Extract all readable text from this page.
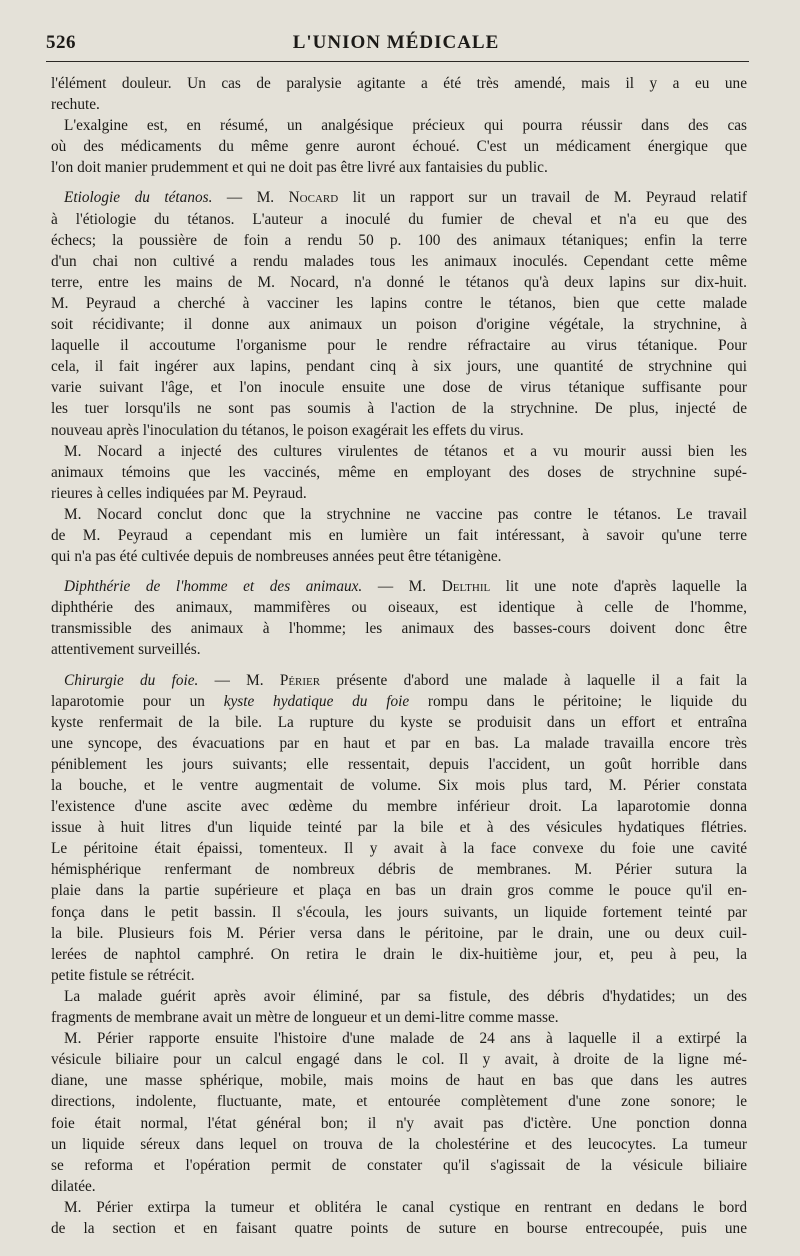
526	L'UNION MÉDICALE
l'élément douleur. Un cas de paralysie agitante a été très amendé, mais il y a eu une
rechute.
L'exalgine est, en résumé, un analgésique précieux qui pourra réussir dans des cas
où des médicaments du même genre auront échoué. C'est un médicament énergique que
l'on doit manier prudemment et qui ne doit pas être livré aux fantaisies du public.
Etiologie du tétanos. — M. Nocard lit un rapport sur un travail de M. Peyraud relatif
à l'étiologie du tétanos. L'auteur a inoculé du fumier de cheval et n'a eu que des
échecs; la poussière de foin a rendu 50 p. 100 des animaux tétaniques; enfin la terre
d'un chai non cultivé a rendu malades tous les animaux inoculés. Cependant cette même
terre, entre les mains de M. Nocard, n'a donné le tétanos qu'à deux lapins sur dix-huit.
M. Peyraud a cherché à vacciner les lapins contre le tétanos, bien que cette malade
soit récidivante; il donne aux animaux un poison d'origine végétale, la strychnine, à
laquelle il accoutume l'organisme pour le rendre réfractaire au virus tétanique. Pour
cela, il fait ingérer aux lapins, pendant cinq à six jours, une quantité de strychnine qui
varie suivant l'âge, et l'on inocule ensuite une dose de virus tétanique suffisante pour
les tuer lorsqu'ils ne sont pas soumis à l'action de la strychnine. De plus, injecté de
nouveau après l'inoculation du tétanos, le poison exagérait les effets du virus.
M. Nocard a injecté des cultures virulentes de tétanos et a vu mourir aussi bien les
animaux témoins que les vaccinés, même en employant des doses de strychnine supé-
rieures à celles indiquées par M. Peyraud.
M. Nocard conclut donc que la strychnine ne vaccine pas contre le tétanos. Le travail
de M. Peyraud a cependant mis en lumière un fait intéressant, à savoir qu'une terre
qui n'a pas été cultivée depuis de nombreuses années peut être tétanigène.
Diphthérie de l'homme et des animaux. — M. Delthil lit une note d'après laquelle la
diphthérie des animaux, mammifères ou oiseaux, est identique à celle de l'homme,
transmissible des animaux à l'homme; les animaux des basses-cours doivent donc être
attentivement surveillés.
Chirurgie du foie. — M. Périer présente d'abord une malade à laquelle il a fait la
laparotomie pour un kyste hydatique du foie rompu dans le péritoine; le liquide du
kyste renfermait de la bile. La rupture du kyste se produisit dans un effort et entraîna
une syncope, des évacuations par en haut et par en bas. La malade travailla encore très
péniblement les jours suivants; elle ressentait, depuis l'accident, un goût horrible dans
la bouche, et le ventre augmentait de volume. Six mois plus tard, M. Périer constata
l'existence d'une ascite avec œdème du membre inférieur droit. La laparotomie donna
issue à huit litres d'un liquide teinté par la bile et à des vésicules hydatiques flétries.
Le péritoine était épaissi, tomenteux. Il y avait à la face convexe du foie une cavité
hémisphérique renfermant de nombreux débris de membranes. M. Périer sutura la
plaie dans la partie supérieure et plaça en bas un drain gros comme le pouce qu'il en-
fonça dans le petit bassin. Il s'écoula, les jours suivants, un liquide fortement teinté par
la bile. Plusieurs fois M. Périer versa dans le péritoine, par le drain, une ou deux cuil-
lerées de naphtol camphré. On retira le drain le dix-huitième jour, et, peu à peu, la
petite fistule se rétrécit.
La malade guérit après avoir éliminé, par sa fistule, des débris d'hydatides; un des
fragments de membrane avait un mètre de longueur et un demi-litre comme masse.
M. Périer rapporte ensuite l'histoire d'une malade de 24 ans à laquelle il a extirpé la
vésicule biliaire pour un calcul engagé dans le col. Il y avait, à droite de la ligne mé-
diane, une masse sphérique, mobile, mais moins de haut en bas que dans les autres
directions, indolente, fluctuante, mate, et entourée complètement d'une zone sonore; le
foie était normal, l'état général bon; il n'y avait pas d'ictère. Une ponction donna
un liquide séreux dans lequel on trouva de la cholestérine et des leucocytes. La tumeur
se reforma et l'opération permit de constater qu'il s'agissait de la vésicule biliaire
dilatée.
M. Périer extirpa la tumeur et oblitéra le canal cystique en rentrant en dedans le bord
de la section et en faisant quatre points de suture en bourse entrecoupée, puis une
